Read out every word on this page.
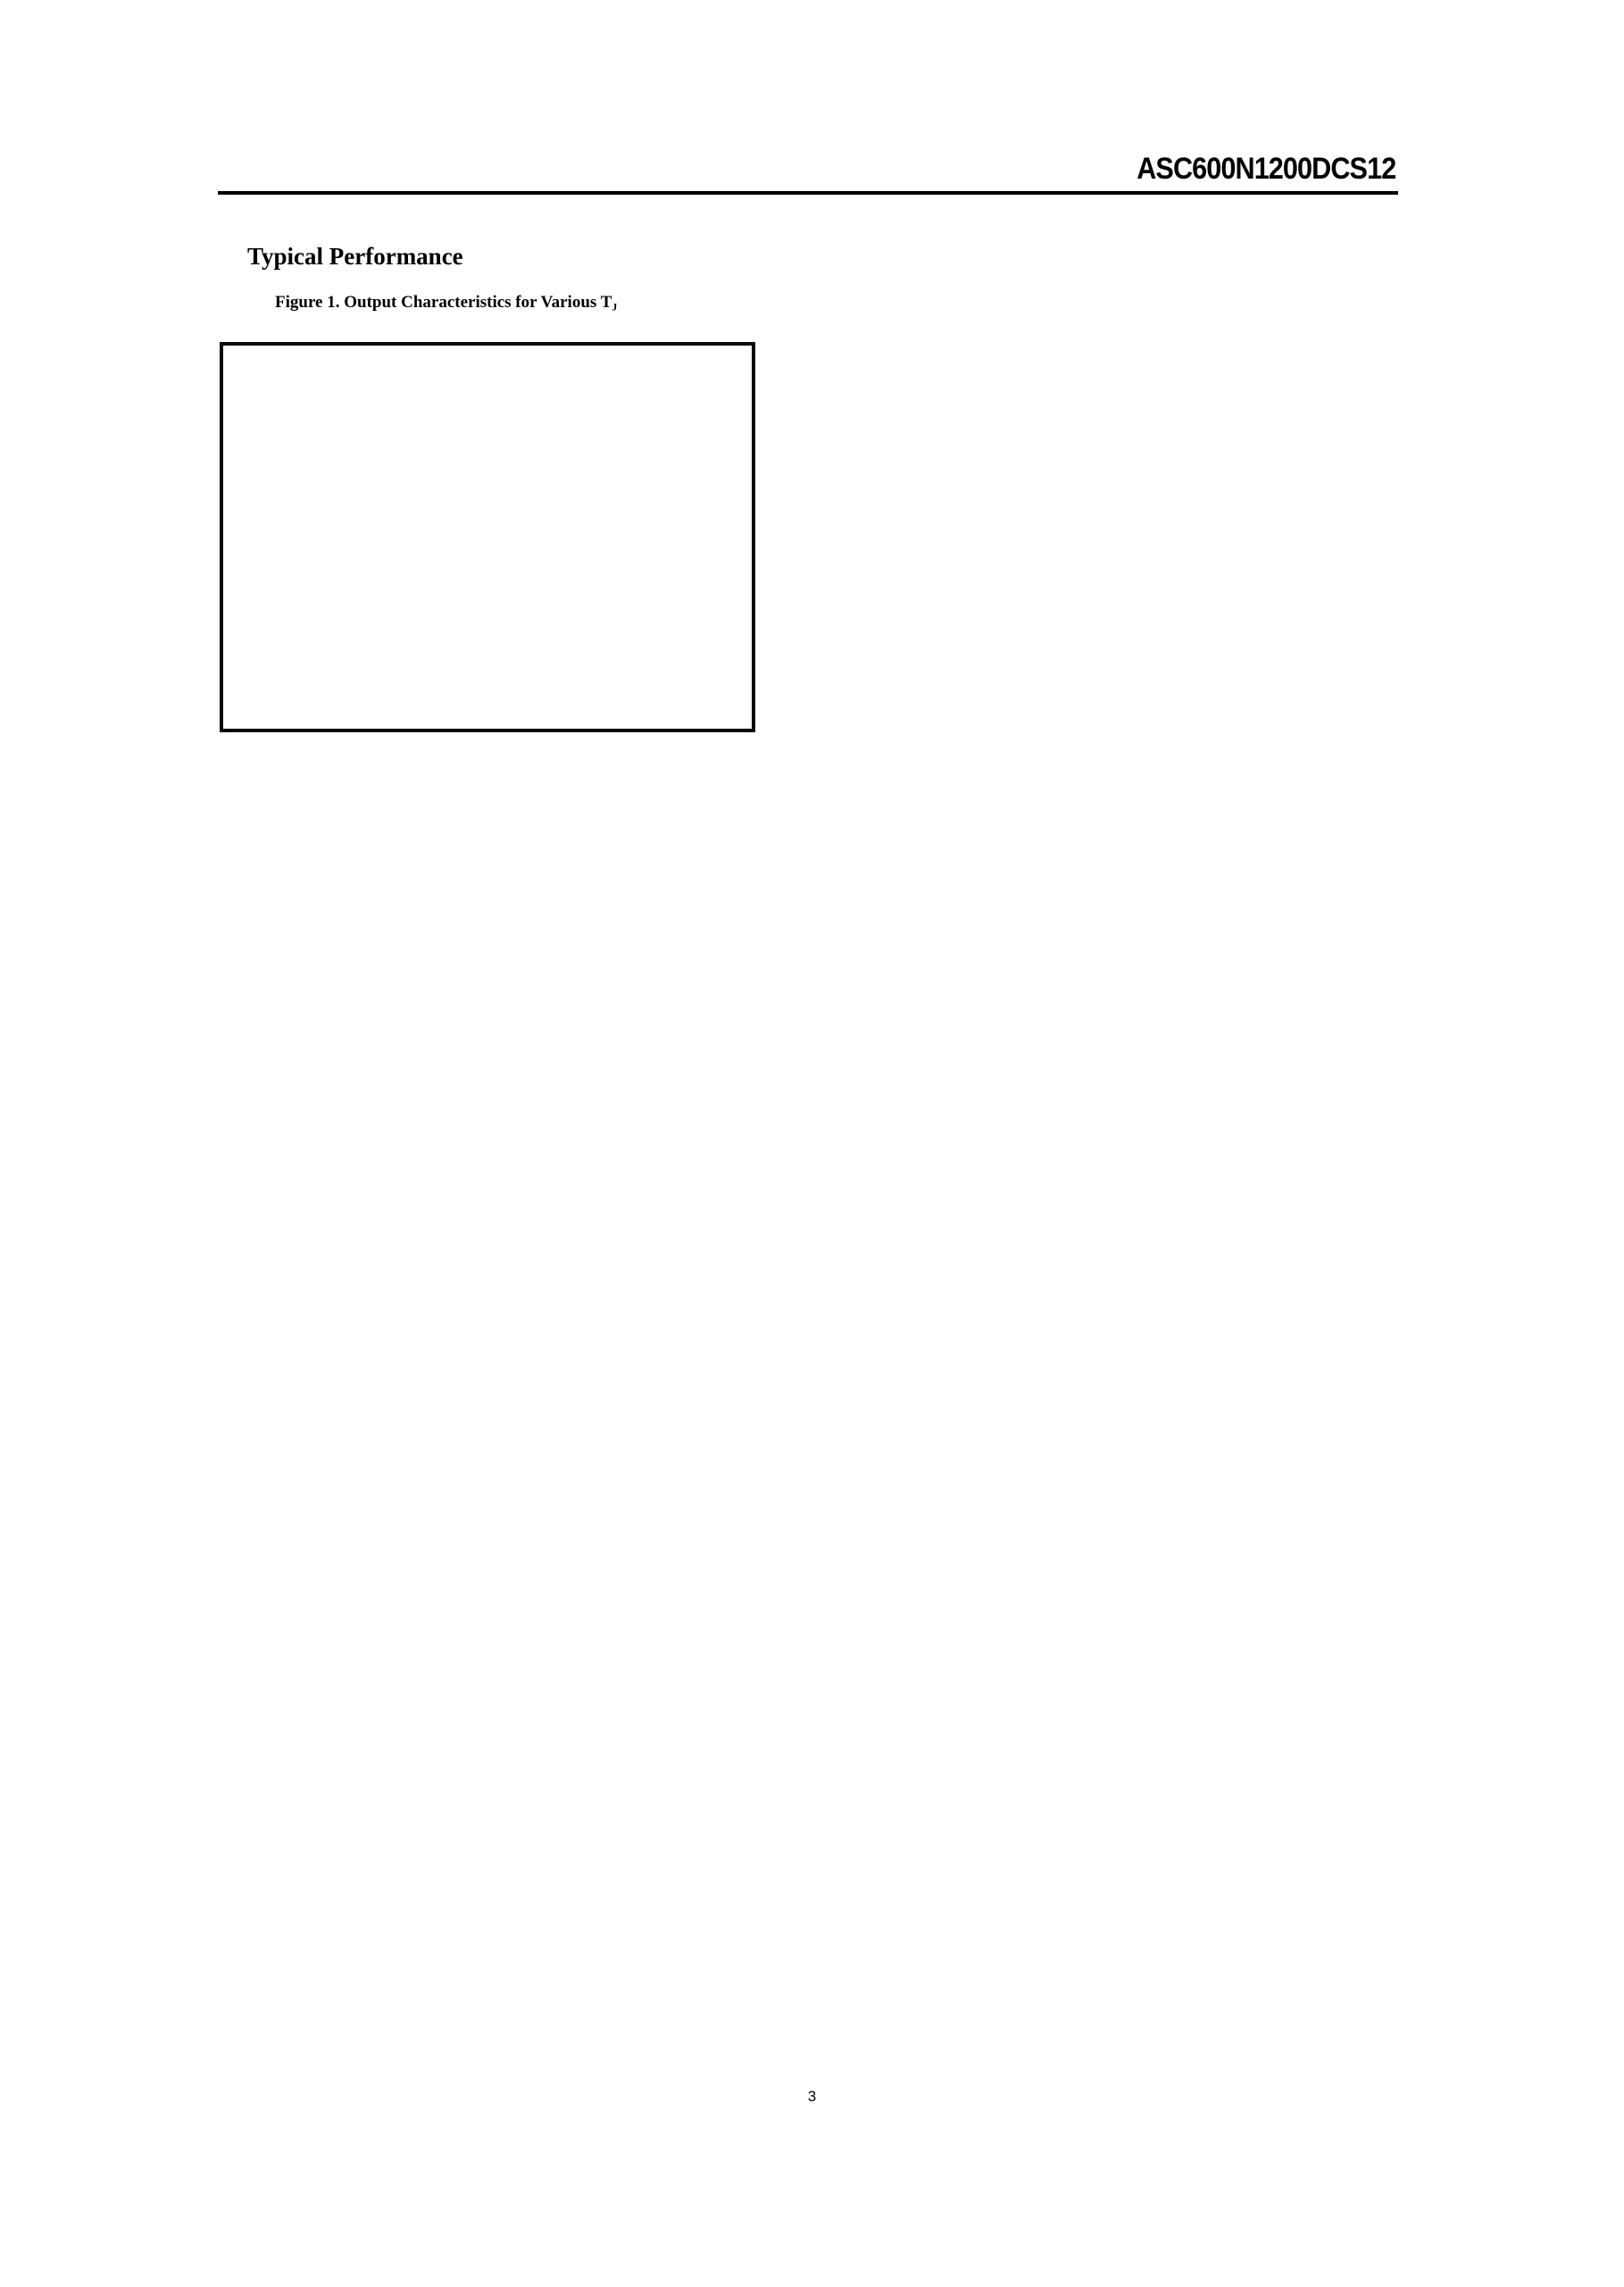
ASC600N1200DCS12
Typical Performance
Figure 1. Output Characteristics for Various $T_J$
3
